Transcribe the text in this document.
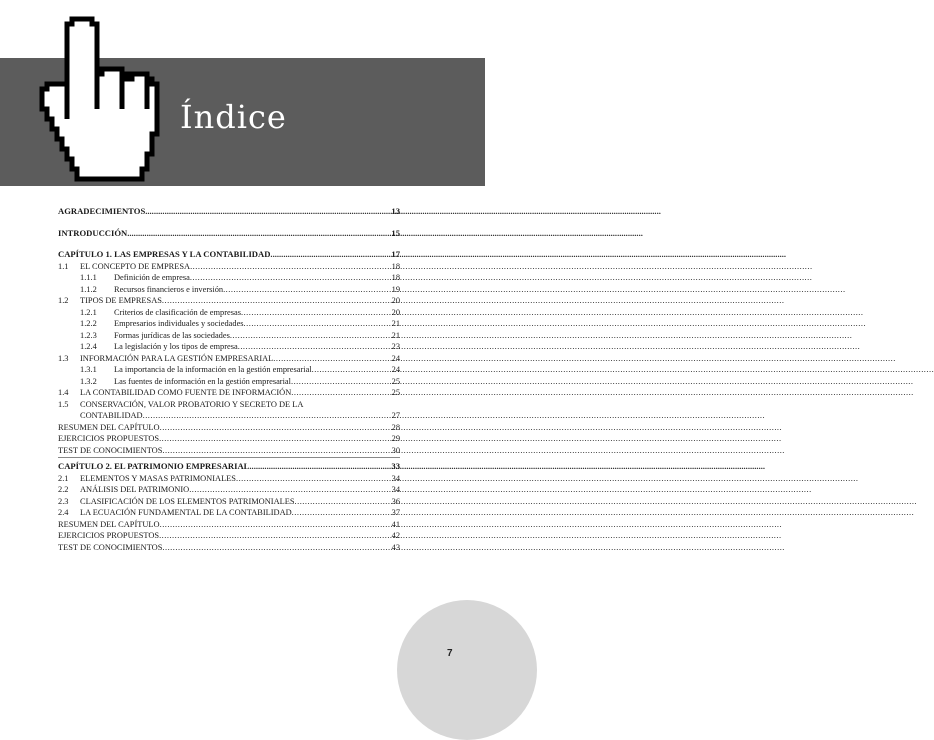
Índice
AGRADECIMIENTOS .....	13
INTRODUCCIÓN .....	15
CAPÍTULO 1. LAS EMPRESAS Y LA CONTABILIDAD .....	17
1.1	EL CONCEPTO DE EMPRESA .....	18
1.1.1	Definición de empresa .....	18
1.1.2	Recursos financieros e inversión .....	19
1.2	TIPOS DE EMPRESAS .....	20
1.2.1	Criterios de clasificación de empresas .....	20
1.2.2	Empresarios individuales y sociedades .....	21
1.2.3	Formas jurídicas de las sociedades .....	21
1.2.4	La legislación y los tipos de empresa .....	23
1.3	INFORMACIÓN PARA LA GESTIÓN EMPRESARIAL .....	24
1.3.1	La importancia de la información en la gestión empresarial .....	24
1.3.2	Las fuentes de información en la gestión empresarial .....	25
1.4	LA CONTABILIDAD COMO FUENTE DE INFORMACIÓN .....	25
1.5 CONSERVACIÓN, VALOR PROBATORIO Y SECRETO DE LA
CONTABILIDAD .....	27
RESUMEN DEL CAPÍTULO .....	28
EJERCICIOS PROPUESTOS .....	29
TEST DE CONOCIMIENTOS .....	30
CAPÍTULO 2. EL PATRIMONIO EMPRESARIAL .....	33
2.1	ELEMENTOS Y MASAS PATRIMONIALES .....	34
2.2	ANÁLISIS DEL PATRIMONIO .....	34
2.3	CLASIFICACIÓN DE LOS ELEMENTOS PATRIMONIALES .....	36
2.4	LA ECUACIÓN FUNDAMENTAL DE LA CONTABILIDAD .....	37
RESUMEN DEL CAPÍTULO .....	41
EJERCICIOS PROPUESTOS .....	42
TEST DE CONOCIMIENTOS .....	43
7
